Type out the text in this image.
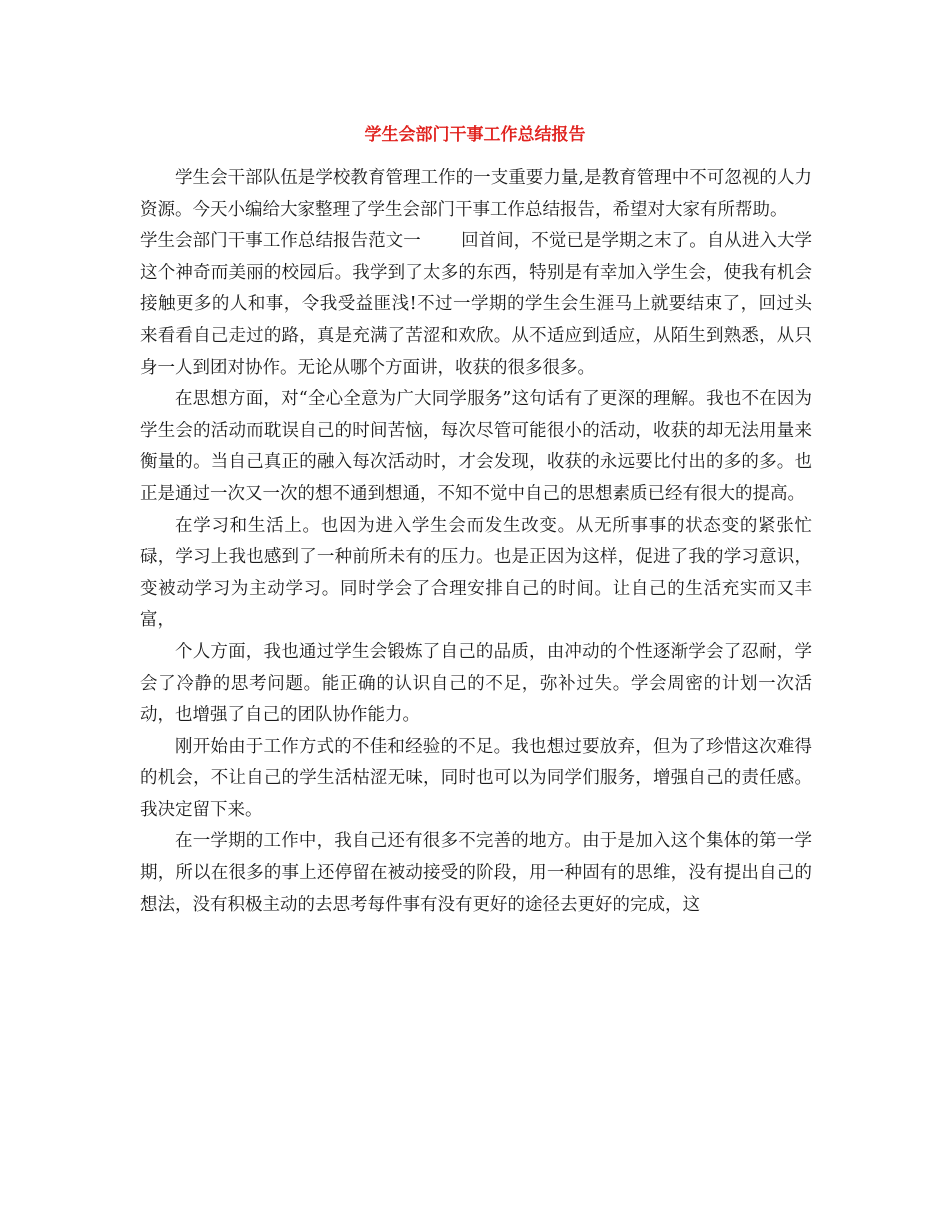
学生会部门干事工作总结报告

学生会干部队伍是学校教育管理工作的一支重要力量,是教育管理中不可忽视的人力资源。今天小编给大家整理了学生会部门干事工作总结报告，希望对大家有所帮助。

学生会部门干事工作总结报告范文一 回首间，不觉已是学期之末了。自从进入大学这个神奇而美丽的校园后。我学到了太多的东西，特别是有幸加入学生会，使我有机会接触更多的人和事，令我受益匪浅!不过一学期的学生会生涯马上就要结束了，回过头来看看自己走过的路，真是充满了苦涩和欢欣。从不适应到适应，从陌生到熟悉，从只身一人到团对协作。无论从哪个方面讲，收获的很多很多。

在思想方面，对“全心全意为广大同学服务”这句话有了更深的理解。我也不在因为学生会的活动而耽误自己的时间苦恼，每次尽管可能很小的活动，收获的却无法用量来衡量的。当自己真正的融入每次活动时，才会发现，收获的永远要比付出的多的多。也正是通过一次又一次的想不通到想通，不知不觉中自己的思想素质已经有很大的提高。

在学习和生活上。也因为进入学生会而发生改变。从无所事事的状态变的紧张忙碌，学习上我也感到了一种前所未有的压力。也是正因为这样，促进了我的学习意识，变被动学习为主动学习。同时学会了合理安排自己的时间。让自己的生活充实而又丰富，

个人方面，我也通过学生会锻炼了自己的品质，由冲动的个性逐渐学会了忍耐，学会了冷静的思考问题。能正确的认识自己的不足，弥补过失。学会周密的计划一次活动，也增强了自己的团队协作能力。

刚开始由于工作方式的不佳和经验的不足。我也想过要放弃，但为了珍惜这次难得的机会，不让自己的学生活枯涩无味，同时也可以为同学们服务，增强自己的责任感。我决定留下来。

在一学期的工作中，我自己还有很多不完善的地方。由于是加入这个集体的第一学期，所以在很多的事上还停留在被动接受的阶段，用一种固有的思维，没有提出自己的想法，没有积极主动的去思考每件事有没有更好的途径去更好的完成，这
